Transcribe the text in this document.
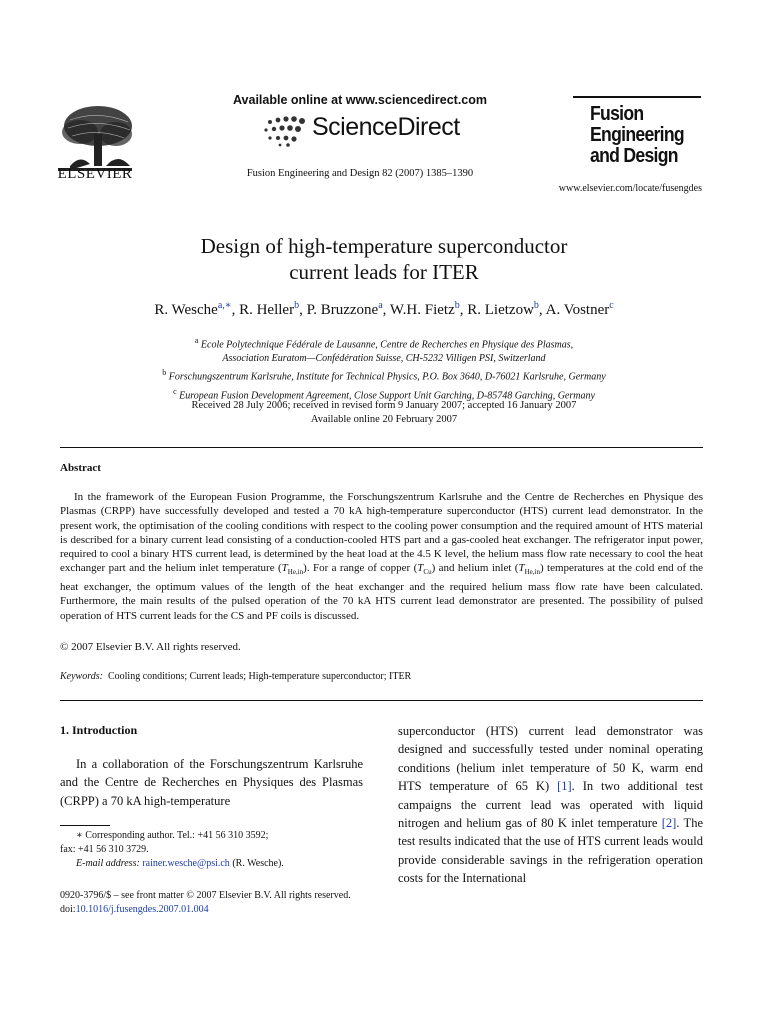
ELSEVIER
Available online at www.sciencedirect.com
ScienceDirect
Fusion Engineering and Design 82 (2007) 1385–1390
Fusion
Engineering
and Design
www.elsevier.com/locate/fusengdes
Design of high-temperature superconductor
current leads for ITER
R. Wesche$^{a,∗}$, R. Heller$^b$, P. Bruzzone$^a$, W.H. Fietz$^b$, R. Lietzow$^b$, A. Vostner$^c$
$^a$ Ecole Polytechnique Fédérale de Lausanne, Centre de Recherches en Physique des Plasmas,
Association Euratom—Confédération Suisse, CH-5232 Villigen PSI, Switzerland
$^b$ Forschungszentrum Karlsruhe, Institute for Technical Physics, P.O. Box 3640, D-76021 Karlsruhe, Germany
$^c$ European Fusion Development Agreement, Close Support Unit Garching, D-85748 Garching, Germany
Received 28 July 2006; received in revised form 9 January 2007; accepted 16 January 2007
Available online 20 February 2007
Abstract

In the framework of the European Fusion Programme, the Forschungszentrum Karlsruhe and the Centre de Recherches en Physique des Plasmas (CRPP) have successfully developed and tested a 70 kA high-temperature superconductor (HTS) current lead demonstrator. In the present work, the optimisation of the cooling conditions with respect to the cooling power consumption and the required amount of HTS material is described for a binary current lead consisting of a conduction-cooled HTS part and a gas-cooled heat exchanger. The refrigerator input power, required to cool a binary HTS current lead, is determined by the heat load at the 4.5 K level, the helium mass flow rate necessary to cool the heat exchanger part and the helium inlet temperature $(T_{He,in})$. For a range of copper $(T_{Cu})$ and helium inlet $(T_{He,in})$ temperatures at the cold end of the heat exchanger, the optimum values of the length of the heat exchanger and the required helium mass flow rate have been calculated. Furthermore, the main results of the pulsed operation of the 70 kA HTS current lead demonstrator are presented. The possibility of pulsed operation of HTS current leads for the CS and PF coils is discussed.

© 2007 Elsevier B.V. All rights reserved.
Keywords: Cooling conditions; Current leads; High-temperature superconductor; ITER
1. Introduction

In a collaboration of the Forschungszentrum Karlsruhe and the Centre de Recherches en Physiques des Plasmas (CRPP) a 70 kA high-temperature

superconductor (HTS) current lead demonstrator was designed and successfully tested under nominal operating conditions (helium inlet temperature of 50 K, warm end HTS temperature of 65 K) [1]. In two additional test campaigns the current lead was operated with liquid nitrogen and helium gas of 80 K inlet temperature [2]. The test results indicated that the use of HTS current leads would provide considerable savings in the refrigeration operation costs for the International

∗ Corresponding author. Tel.: +41 56 310 3592;
fax: +41 56 310 3729.
E-mail address: rainer.wesche@psi.ch (R. Wesche).
0920-3796/$ – see front matter © 2007 Elsevier B.V. All rights reserved.
doi:10.1016/j.fusengdes.2007.01.004
